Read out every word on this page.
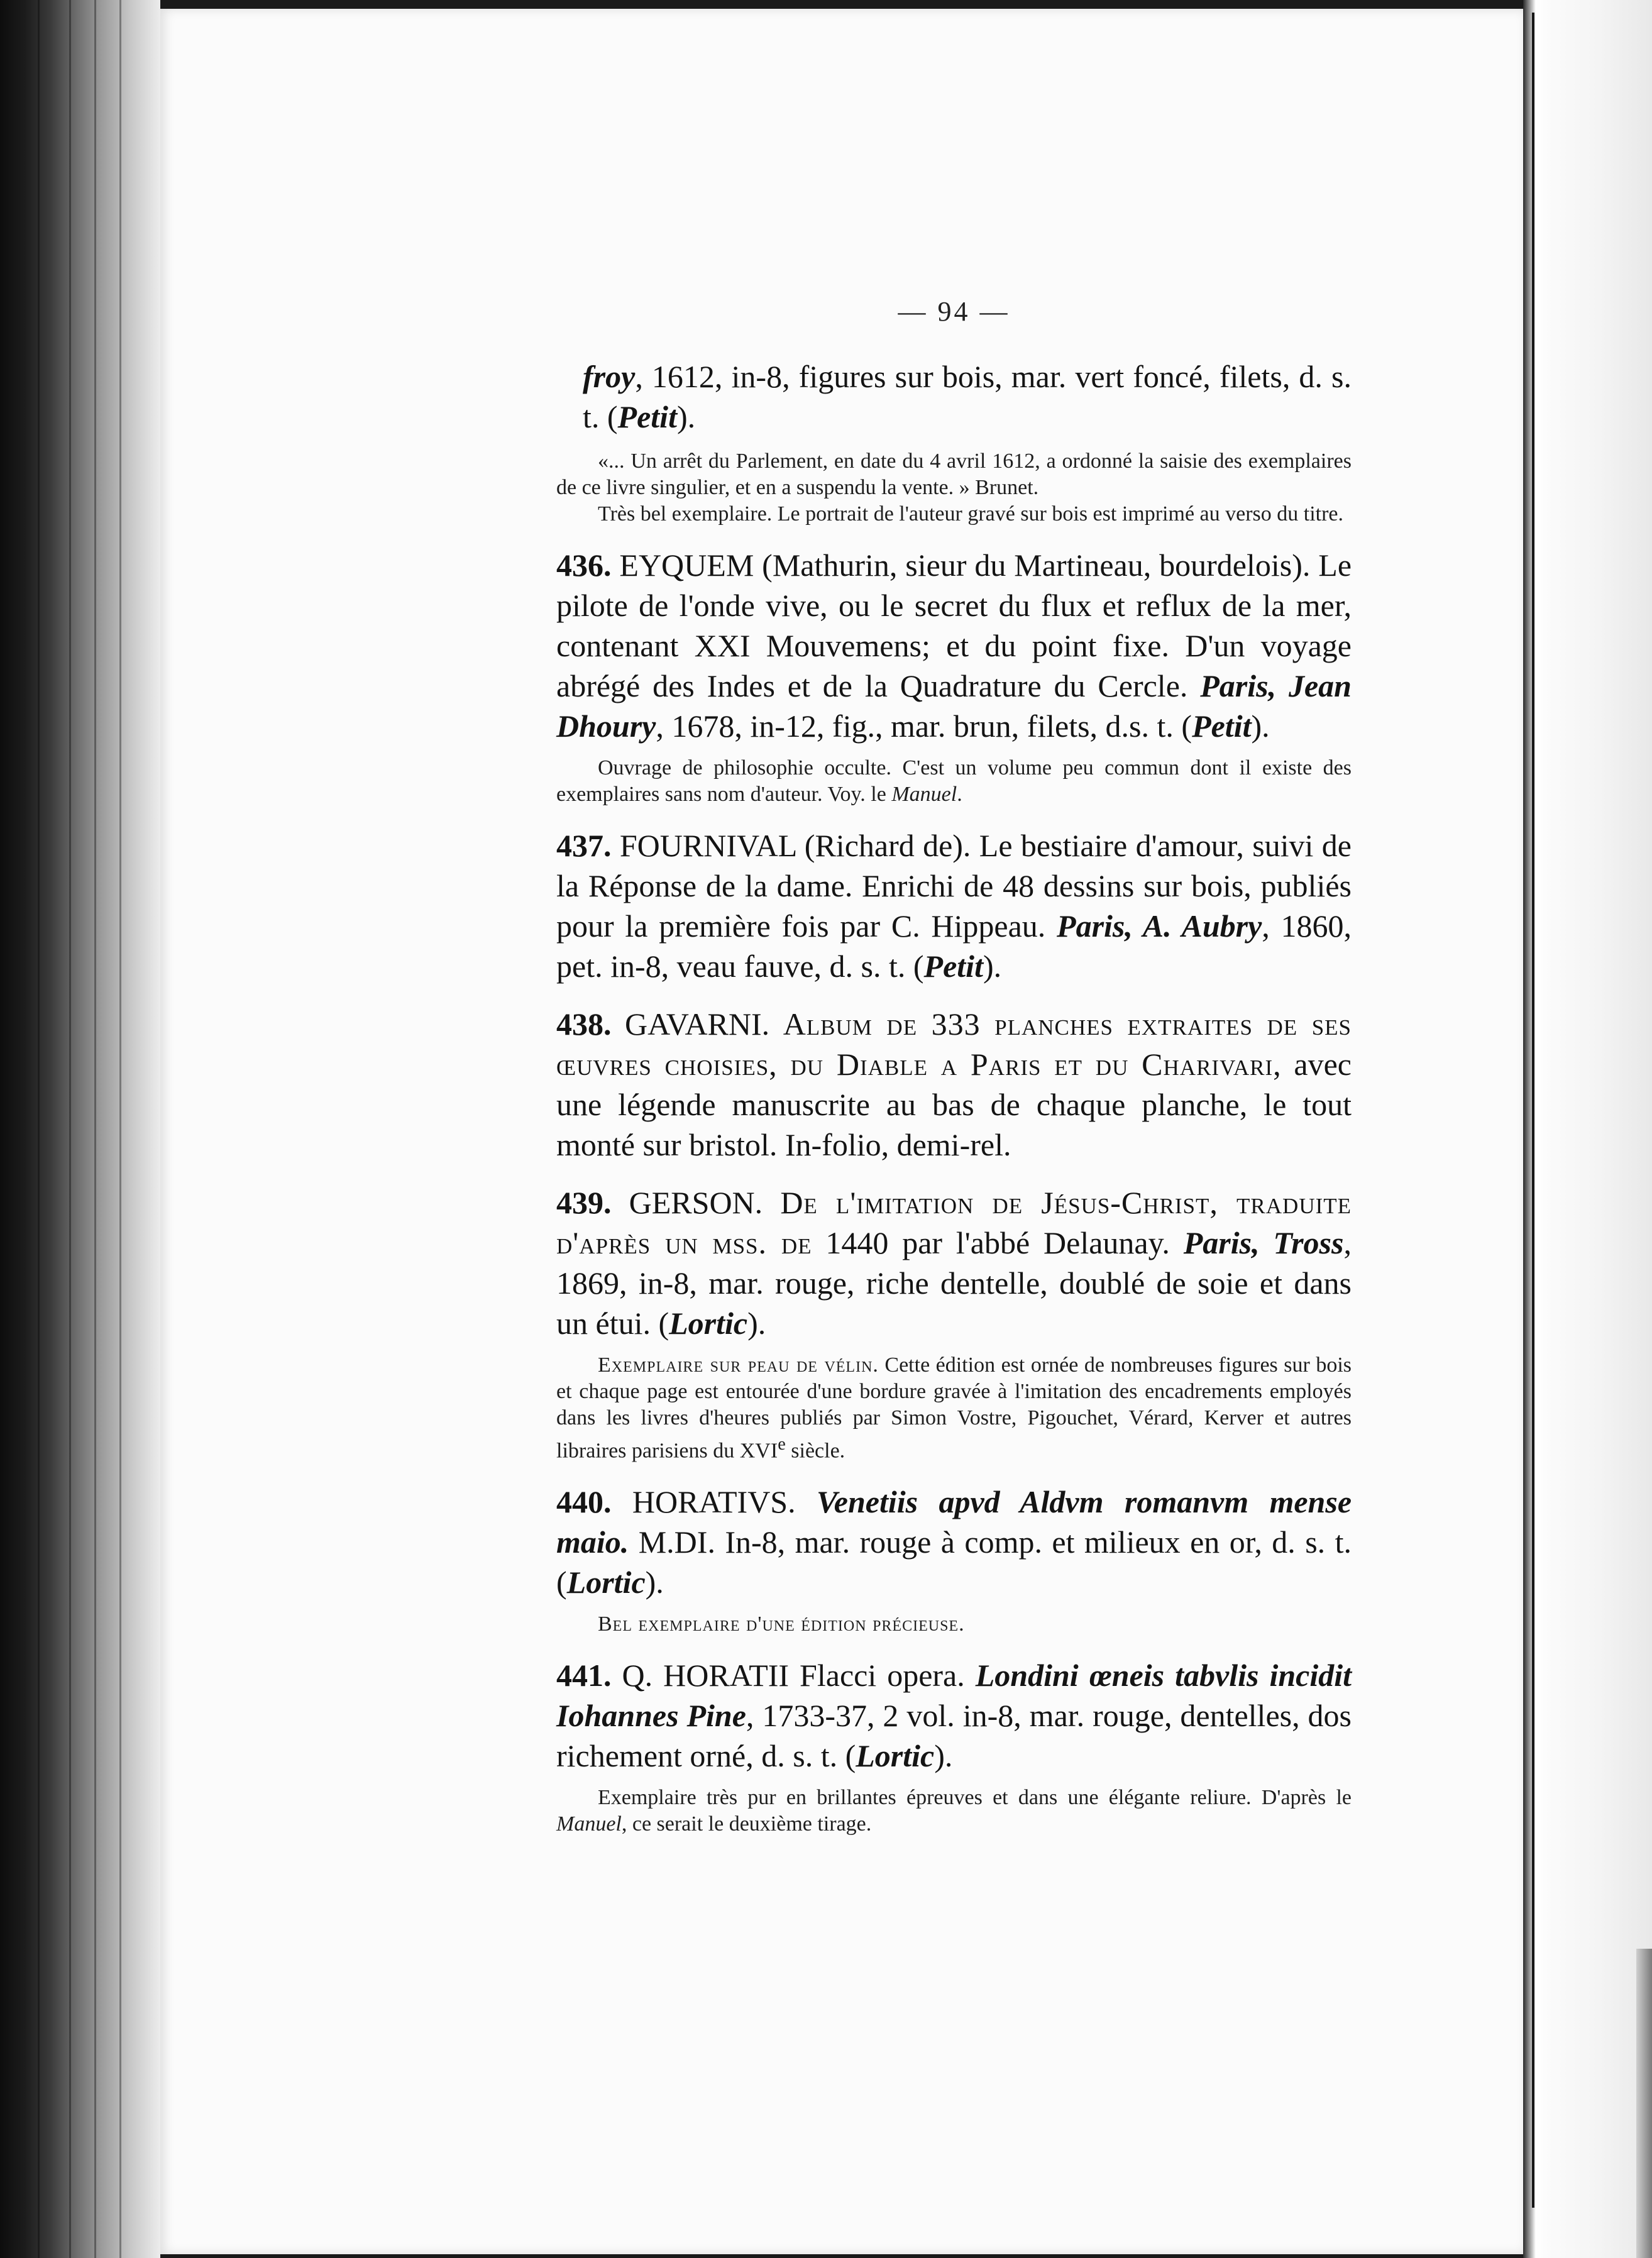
— 94 —

froy, 1612, in-8, figures sur bois, mar. vert foncé, filets, d. s. t. (Petit).

«... Un arrêt du Parlement, en date du 4 avril 1612, a ordonné la saisie des exemplaires de ce livre singulier, et en a suspendu la vente. » Brunet.

Très bel exemplaire. Le portrait de l'auteur gravé sur bois est imprimé au verso du titre.

436. EYQUEM (Mathurin, sieur du Martineau, bourdelois). Le pilote de l'onde vive, ou le secret du flux et reflux de la mer, contenant XXI Mouvemens; et du point fixe. D'un voyage abrégé des Indes et de la Quadrature du Cercle. Paris, Jean Dhoury, 1678, in-12, fig., mar. brun, filets, d.s. t. (Petit).

Ouvrage de philosophie occulte. C'est un volume peu commun dont il existe des exemplaires sans nom d'auteur. Voy. le Manuel.

437. FOURNIVAL (Richard de). Le bestiaire d'amour, suivi de la Réponse de la dame. Enrichi de 48 dessins sur bois, publiés pour la première fois par C. Hippeau. Paris, A. Aubry, 1860, pet. in-8, veau fauve, d. s. t. (Petit).

438. GAVARNI. Album de 333 planches extraites de ses œuvres choisies, du Diable a Paris et du Charivari, avec une légende manuscrite au bas de chaque planche, le tout monté sur bristol. In-folio, demi-rel.

439. GERSON. De l'imitation de Jésus-Christ, traduite d'après un mss. de 1440 par l'abbé Delaunay. Paris, Tross, 1869, in-8, mar. rouge, riche dentelle, doublé de soie et dans un étui. (Lortic).

Exemplaire sur peau de vélin. Cette édition est ornée de nombreuses figures sur bois et chaque page est entourée d'une bordure gravée à l'imitation des encadrements employés dans les livres d'heures publiés par Simon Vostre, Pigouchet, Vérard, Kerver et autres libraires parisiens du XVIe siècle.

440. HORATIVS. Venetiis apvd Aldvm romanvm mense maio. M.DI. In-8, mar. rouge à comp. et milieux en or, d. s. t. (Lortic).

Bel exemplaire d'une édition précieuse.

441. Q. HORATII Flacci opera. Londini œneis tabvlis incidit Iohannes Pine, 1733-37, 2 vol. in-8, mar. rouge, dentelles, dos richement orné, d. s. t. (Lortic).

Exemplaire très pur en brillantes épreuves et dans une élégante reliure. D'après le Manuel, ce serait le deuxième tirage.
